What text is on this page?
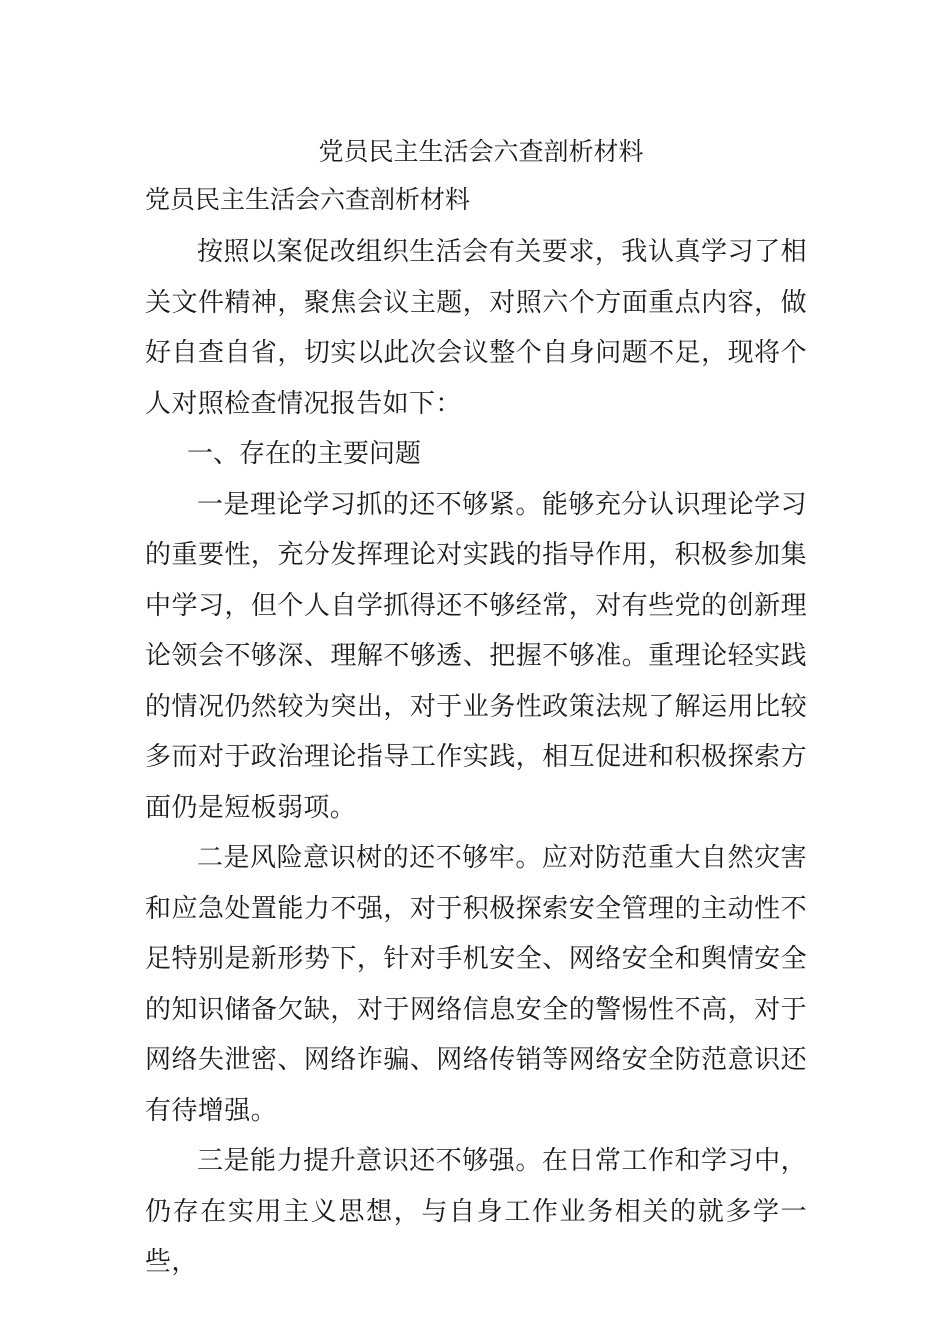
党员民主生活会六查剖析材料

党员民主生活会六查剖析材料

按照以案促改组织生活会有关要求，我认真学习了相关文件精神，聚焦会议主题，对照六个方面重点内容，做好自查自省，切实以此次会议整个自身问题不足，现将个人对照检查情况报告如下：

一、存在的主要问题

一是理论学习抓的还不够紧。能够充分认识理论学习的重要性，充分发挥理论对实践的指导作用，积极参加集中学习，但个人自学抓得还不够经常，对有些党的创新理论领会不够深、理解不够透、把握不够准。重理论轻实践的情况仍然较为突出，对于业务性政策法规了解运用比较多而对于政治理论指导工作实践，相互促进和积极探索方面仍是短板弱项。

二是风险意识树的还不够牢。应对防范重大自然灾害和应急处置能力不强，对于积极探索安全管理的主动性不足特别是新形势下，针对手机安全、网络安全和舆情安全的知识储备欠缺，对于网络信息安全的警惕性不高，对于网络失泄密、网络诈骗、网络传销等网络安全防范意识还有待增强。

三是能力提升意识还不够强。在日常工作和学习中，仍存在实用主义思想，与自身工作业务相关的就多学一些，
